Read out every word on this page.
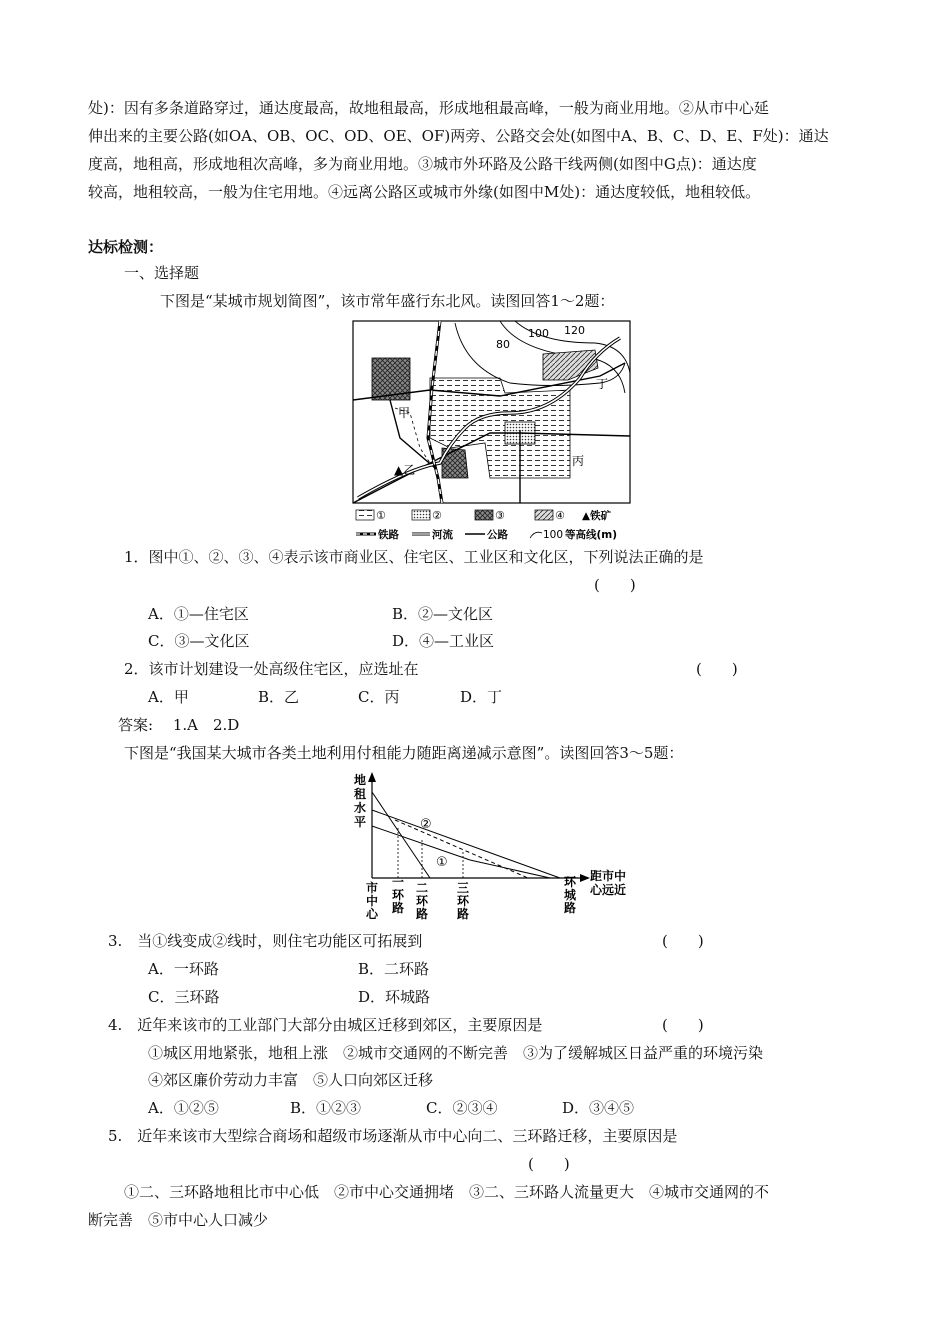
处)：因有多条道路穿过，通达度最高，故地租最高，形成地租最高峰，一般为商业用地。②从市中心延
伸出来的主要公路(如OA、OB、OC、OD、OE、OF)两旁、公路交会处(如图中A、B、C、D、E、F处)：通达
度高，地租高，形成地租次高峰，多为商业用地。③城市外环路及公路干线两侧(如图中G点)：通达度
较高，地租较高，一般为住宅用地。④远离公路区或城市外缘(如图中M处)：通达度较低，地租较低。
达标检测：
一、选择题
下图是“某城市规划简图”，该市常年盛行东北风。读图回答1～2题：
100 120
80
甲
▲乙
丙
丁
①	②	③	④ ▲铁矿
铁路	河流	公路	100 等高线(m)
1．图中①、②、③、④表示该市商业区、住宅区、工业区和文化区，下列说法正确的是
(　　)
A．①—住宅区	B．②—文化区
C．③—文化区	D．④—工业区
2．该市计划建设一处高级住宅区，应选址在	(　　)
A．甲	B．乙	C．丙	D．丁
答案:　 1.A　2.D
下图是“我国某大城市各类土地利用付租能力随距离递减示意图”。读图回答3～5题：
地
租
水
平
距市中
心远近
②
①
市
中
心
一
环
路
二
环
路
三
环
路
环
城
路
3.　当①线变成②线时，则住宅功能区可拓展到	(　　)
A．一环路	B．二环路
C．三环路	D．环城路
4.　近年来该市的工业部门大部分由城区迁移到郊区，主要原因是	(　　)
①城区用地紧张，地租上涨　②城市交通网的不断完善　③为了缓解城区日益严重的环境污染
④郊区廉价劳动力丰富　⑤人口向郊区迁移
A．①②⑤	B．①②③	C．②③④	D．③④⑤
5.　近年来该市大型综合商场和超级市场逐渐从市中心向二、三环路迁移，主要原因是
(　　)
①二、三环路地租比市中心低　②市中心交通拥堵　③二、三环路人流量更大　④城市交通网的不
断完善　⑤市中心人口减少
